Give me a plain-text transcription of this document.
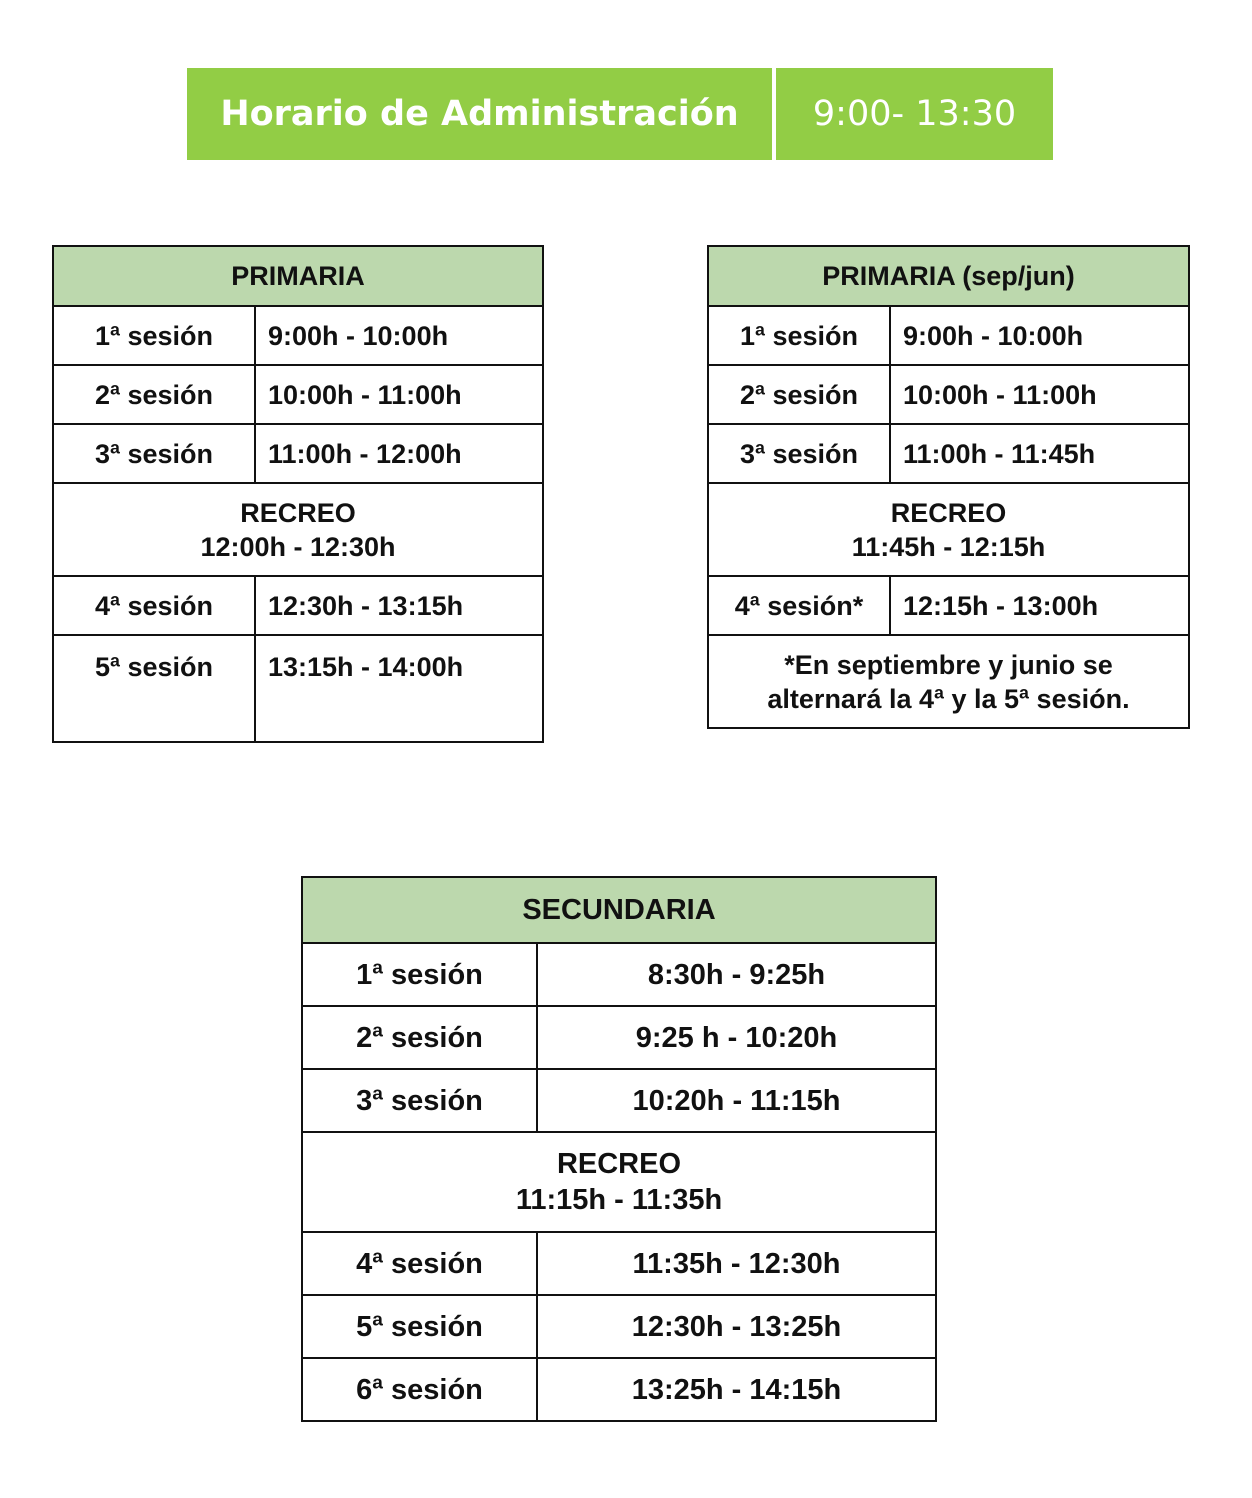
Horario de Administración	9:00- 13:30
PRIMARIA	
1ª sesión	9:00h - 10:00h
2ª sesión	10:00h - 11:00h
3ª sesión	11:00h - 12:00h

RECREO
12:00h - 12:30h	

4ª sesión	12:30h - 13:15h
5ª sesión	13:15h - 14:00h
PRIMARIA (sep/jun)	
1ª sesión	9:00h - 10:00h
2ª sesión	10:00h - 11:00h
3ª sesión	11:00h - 11:45h

RECREO
11:45h - 12:15h	

4ª sesión*	12:15h - 13:00h

*En septiembre y junio se
alternará la 4ª y la 5ª sesión.	
SECUNDARIA	
1ª sesión	8:30h - 9:25h
2ª sesión	9:25 h - 10:20h
3ª sesión	10:20h - 11:15h

RECREO
11:15h - 11:35h	

4ª sesión	11:35h - 12:30h
5ª sesión	12:30h - 13:25h
6ª sesión	13:25h - 14:15h
